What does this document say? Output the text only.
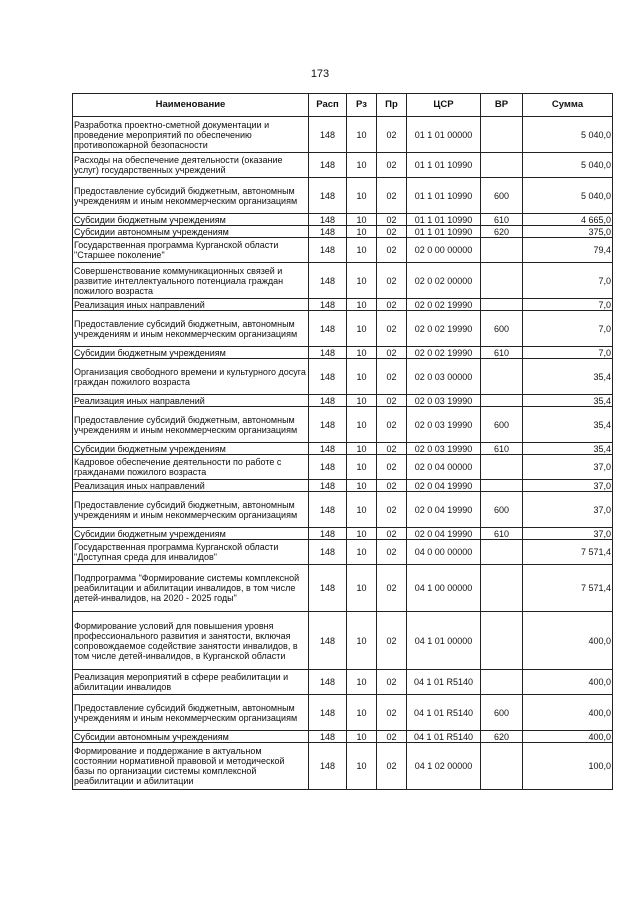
173
Наименование	Расп	Рз	Пр	ЦСР	ВР	Сумма
Разработка проектно-сметной документации и проведение мероприятий по обеспечению противопожарной безопасности	148	10	02	01 1 01 00000		5 040,0
Расходы на обеспечение деятельности (оказание услуг) государственных учреждений	148	10	02	01 1 01 10990		5 040,0
Предоставление субсидий бюджетным, автономным учреждениям и иным некоммерческим организациям	148	10	02	01 1 01 10990	600	5 040,0
Субсидии бюджетным учреждениям	148	10	02	01 1 01 10990	610	4 665,0
Субсидии автономным учреждениям	148	10	02	01 1 01 10990	620	375,0
Государственная программа Курганской области "Старшее поколение"	148	10	02	02 0 00 00000		79,4
Совершенствование коммуникационных связей и развитие интеллектуального потенциала граждан пожилого возраста	148	10	02	02 0 02 00000		7,0
Реализация иных направлений	148	10	02	02 0 02 19990		7,0
Предоставление субсидий бюджетным, автономным учреждениям и иным некоммерческим организациям	148	10	02	02 0 02 19990	600	7,0
Субсидии бюджетным учреждениям	148	10	02	02 0 02 19990	610	7,0
Организация свободного времени и культурного досуга граждан пожилого возраста	148	10	02	02 0 03 00000		35,4
Реализация иных направлений	148	10	02	02 0 03 19990		35,4
Предоставление субсидий бюджетным, автономным учреждениям и иным некоммерческим организациям	148	10	02	02 0 03 19990	600	35,4
Субсидии бюджетным учреждениям	148	10	02	02 0 03 19990	610	35,4
Кадровое обеспечение деятельности по работе с гражданами пожилого возраста	148	10	02	02 0 04 00000		37,0
Реализация иных направлений	148	10	02	02 0 04 19990		37,0
Предоставление субсидий бюджетным, автономным учреждениям и иным некоммерческим организациям	148	10	02	02 0 04 19990	600	37,0
Субсидии бюджетным учреждениям	148	10	02	02 0 04 19990	610	37,0
Государственная программа Курганской области "Доступная среда для инвалидов"	148	10	02	04 0 00 00000		7 571,4
Подпрограмма "Формирование системы комплексной реабилитации и абилитации инвалидов, в том числе детей-инвалидов, на 2020 - 2025 годы"	148	10	02	04 1 00 00000		7 571,4
Формирование условий для повышения уровня профессионального развития и занятости, включая сопровождаемое содействие занятости инвалидов, в том числе детей-инвалидов, в Курганской области	148	10	02	04 1 01 00000		400,0
Реализация мероприятий в сфере реабилитации и абилитации инвалидов	148	10	02	04 1 01 R5140		400,0
Предоставление субсидий бюджетным, автономным учреждениям и иным некоммерческим организациям	148	10	02	04 1 01 R5140	600	400,0
Субсидии автономным учреждениям	148	10	02	04 1 01 R5140	620	400,0
Формирование и поддержание в актуальном состоянии нормативной правовой и методической базы по организации системы комплексной реабилитации и абилитации	148	10	02	04 1 02 00000		100,0
